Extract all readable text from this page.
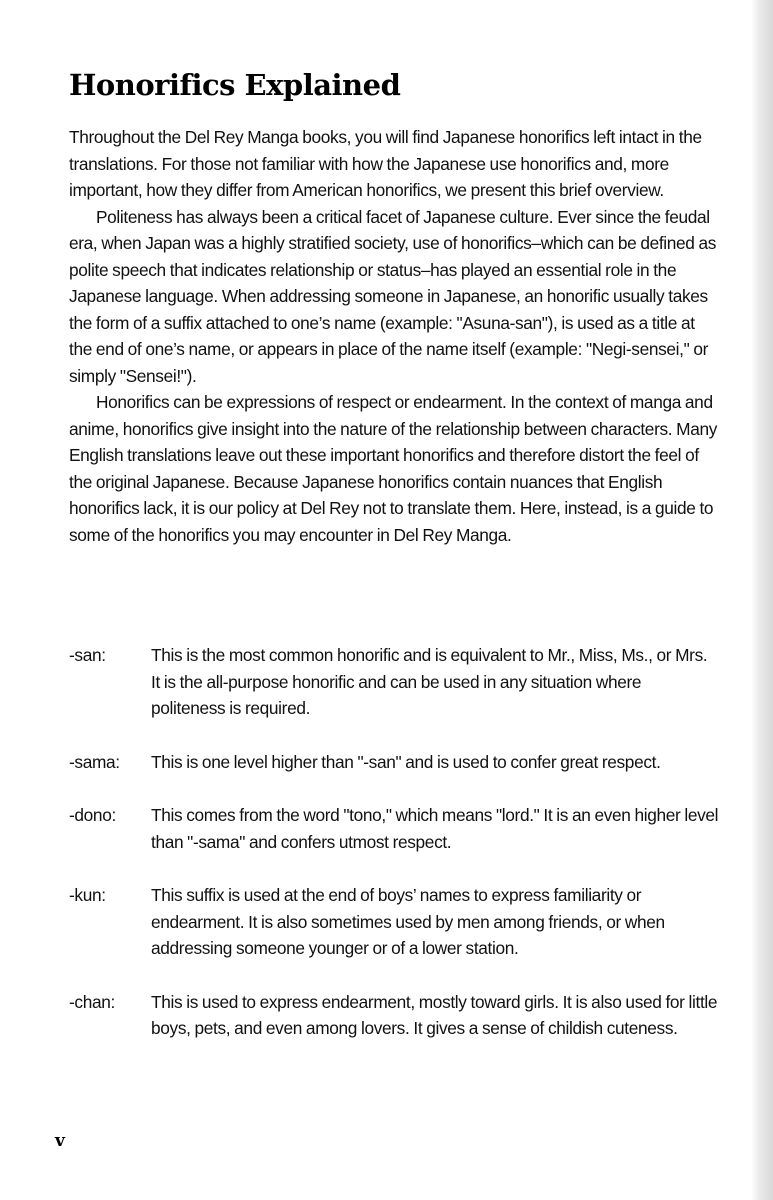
Honorifics Explained

Throughout the Del Rey Manga books, you will find Japanese honorifics left intact in the translations. For those not familiar with how the Japanese use honorifics and, more important, how they differ from American honorifics, we present this brief overview.

Politeness has always been a critical facet of Japanese culture. Ever since the feudal era, when Japan was a highly stratified society, use of honorifics–which can be defined as polite speech that indicates relationship or status–has played an essential role in the Japanese language. When addressing someone in Japanese, an honorific usually takes the form of a suffix attached to one’s name (example: "Asuna-san"), is used as a title at the end of one’s name, or appears in place of the name itself (example: "Negi-sensei," or simply "Sensei!").

Honorifics can be expressions of respect or endearment. In the context of manga and anime, honorifics give insight into the nature of the relationship between characters. Many English translations leave out these important honorifics and therefore distort the feel of the original Japanese. Because Japanese honorifics contain nuances that English honorifics lack, it is our policy at Del Rey not to translate them. Here, instead, is a guide to some of the honorifics you may encounter in Del Rey Manga.

-san:	This is the most common honorific and is equivalent to Mr., Miss, Ms., or Mrs. It is the all-purpose honorific and can be used in any situation where politeness is required.
-sama:	This is one level higher than "-san" and is used to confer great respect.
-dono:	This comes from the word "tono," which means "lord." It is an even higher level than "-sama" and confers utmost respect.
-kun:	This suffix is used at the end of boys’ names to express familiarity or endearment. It is also sometimes used by men among friends, or when addressing someone younger or of a lower station.
-chan:	This is used to express endearment, mostly toward girls. It is also used for little boys, pets, and even among lovers. It gives a sense of childish cuteness.
v
